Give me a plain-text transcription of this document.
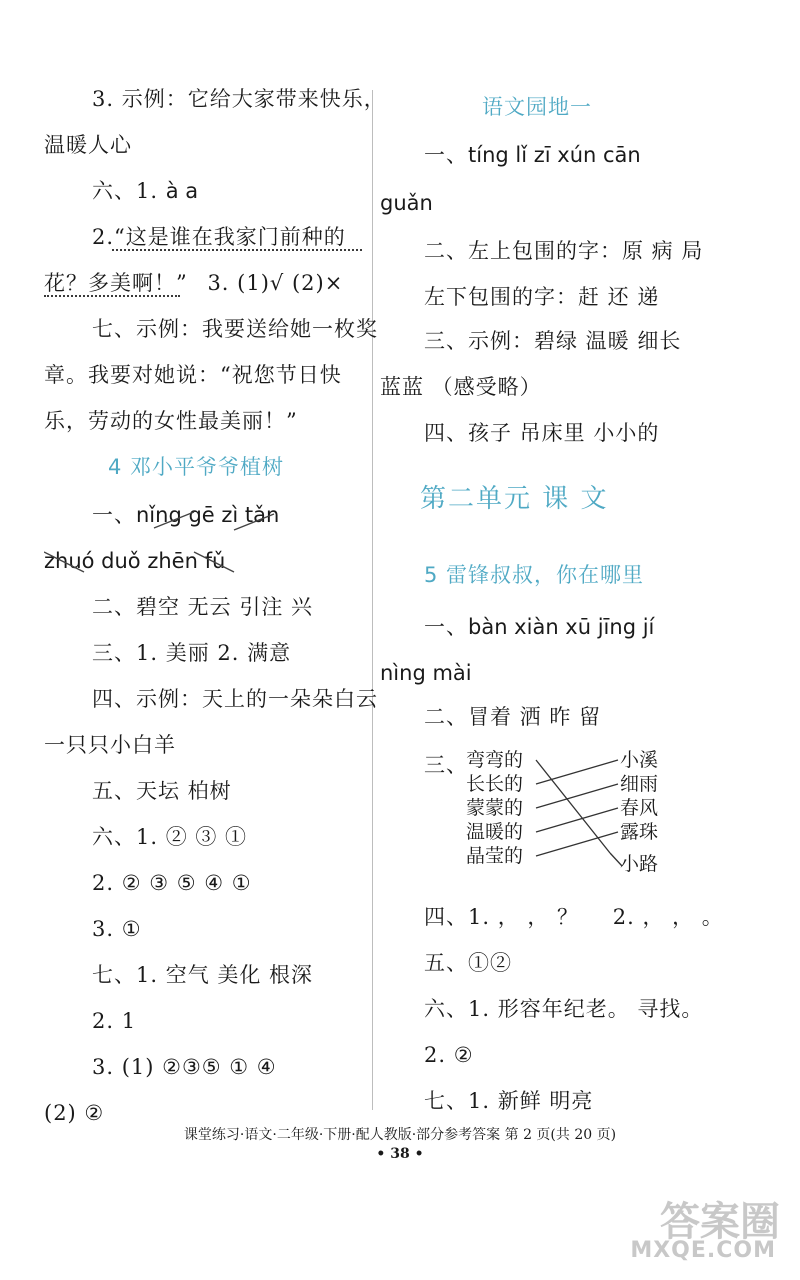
3. 示例：它给大家带来快乐，
温暖人心
六、1. à a
2.“这是谁在我家门前种的
花？多美啊！” 3. (1)√ (2)×
七、示例：我要送给她一枚奖
章。我要对她说：“祝您节日快
乐，劳动的女性最美丽！”
4 邓小平爷爷植树
一、nǐng gē zì tǎn
zhuó duǒ zhēn fǔ
二、碧空 无云 引注 兴
三、1. 美丽 2. 满意
四、示例：天上的一朵朵白云
一只只小白羊
五、天坛 柏树
六、1. ② ③ ①
2. ② ③ ⑤ ④ ①
3. ①
七、1. 空气 美化 根深
2. 1
3. (1) ②③⑤ ① ④
(2) ②
语文园地一
一、tíng lǐ zī xún cān
guǎn
二、左上包围的字：原 病 局
左下包围的字：赶 还 递
三、示例：碧绿 温暖 细长
蓝蓝 （感受略）
四、孩子 吊床里 小小的
第二单元 课 文
5 雷锋叔叔，你在哪里
一、bàn xiàn xū jīng jí
nìng mài
二、冒着 洒 昨 留
三、
四、1. ， ， ？ 2. ， ， 。
五、①②
六、1. 形容年纪老。 寻找。
2. ②
七、1. 新鲜 明亮
弯弯的
长长的
蒙蒙的
温暖的
晶莹的
小溪
细雨
春风
露珠
小路
课堂练习·语文·二年级·下册·配人教版·部分参考答案 第 2 页(共 20 页)
• 38 •
答案圈
MXQE.COM
